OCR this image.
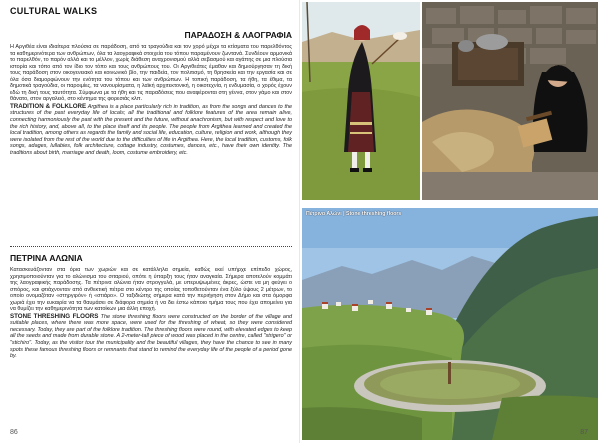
CULTURAL WALKS
ΠΑΡΑΔΟΣΗ & ΛΑΟΓΡΑΦΙΑ

Η Αργιθέα είναι ιδιαίτερα πλούσια σε παράδοση, από τα τραγούδια και τον χορό μέχρι τα κτίσματα του παρελθόντος τα καθημερινότερα των ανθρώπων, όλα τα λαογραφικά στοιχεία του τόπου παραμένουν ζωντανά. Συνδέουν αρμονικά το παρελθόν, το παρόν αλλά και το μέλλον, χωρίς διάθεση αναχρονισμού αλλά σεβασμού και αγάπης σε μια πλούσια ιστορία και τόπο από τον ίδιο τον τόπο και τους ανθρώπους του. Οι Αργιθεάτες έμαθαν και δημιούργησαν τη δική τους παράδοση στον οικογενειακό και κοινωνικό βίο, την παιδεία, τον πολιτισμό, τη θρησκεία και την εργασία και σε όλα όσα διαμορφώνουν την ενότητα του τόπου και των ανθρώπων. Η τοπική παράδοση, τα ήθη, τα έθιμα, τα δημοτικά τραγούδια, οι παροιμίες, τα νανουρίσματα, η λαϊκή αρχιτεκτονική, η οικοτεχνία, η ενδυμασία, ο χορός έχουν εδώ τη δική τους ταυτότητα. Σύμφωνα με τα ήθη και τις παραδόσεις που αναφέρονται στη γέννα, στον γάμο και στον θάνατο, στον αργαλειό, στο κέντημα της φορεσιάς κλπ.

TRADITION & FOLKLORE Argithea is a place particularly rich in tradition, as from the songs and dances to the structures of the past everyday life of locals; all the traditional and folklore features of the area remain alive, connecting harmoniously the past with the present and the future, without anachronism, but with respect and love to the rich history, and, above all, to the place itself and its people. The people from Argithea learned and created the local tradition, among others as regards the family and social life, education, culture, religion and work, although they were isolated from the rest of the world due to the difficulties of life in Argithea. Here, the local tradition, customs, folk songs, adages, lullabies, folk architecture, cottage industry, costumes, dances, etc., have their own identity. The traditions about birth, marriage and death, loom, costume embroidery, etc.

ΠΕΤΡΙΝΑ ΑΛΩΝΙΑ

Κατασκευάζονταν στα όρια των χωριών και σε κατάλληλα σημεία, καθώς εκεί υπήρχε επίπεδο χώρος, χρησιμοποιούνταν για το αλώνισμα του σιταριού, οπότε η ύπαρξη τους ήταν αναγκαία. Σήμερα αποτελούν κομμάτι της λαογραφικής παράδοσης. Τα πέτρινα αλώνια ήταν στρογγυλά, με υπερυψωμένες άκρες, ώστε να μη φεύγει ο σπόρος, και φτιάχνονταν από ανθεκτική πέτρα στο κέντρο της οποίας τοποθετούνταν ένα ξύλο ύψους 2 μέτρων, το οποίο ονομαζόταν «στηργιρόν» ή «στιάρο». Ο ταξιδιώτης σήμερα κατά την περιήγηση στον Δήμο και στα όμορφα χωριά έχει την ευκαιρία να τα θαυμάσει σε διάφορα σημεία ή να δει έστω κάποιο τμήμα τους που έχει απομείνει για να θυμίζει την καθημερινότητα των κατοίκων μια άλλη εποχή.

STONE THRESHING FLOORS The stone threshing floors were constructed on the border of the village and suitable places, where there was more space, were used for the threshing of wheat, so they were considered necessary. Today, they are part of the folklore tradition. The threshing floors were round, with elevated edges to keep all the seeds and made from durable stone. A 2-meter-tall piece of wood was placed in the centre, called "strigero" or "stichiro". Today, as the visitor tour the municipality and the beautiful villages, they have the chance to see in many spots these famous threshing floors or remnants that stand to remind the everyday life of the people of a period gone by.

86
Πέτρινα Αλώνι | Stone threshing floors
87
